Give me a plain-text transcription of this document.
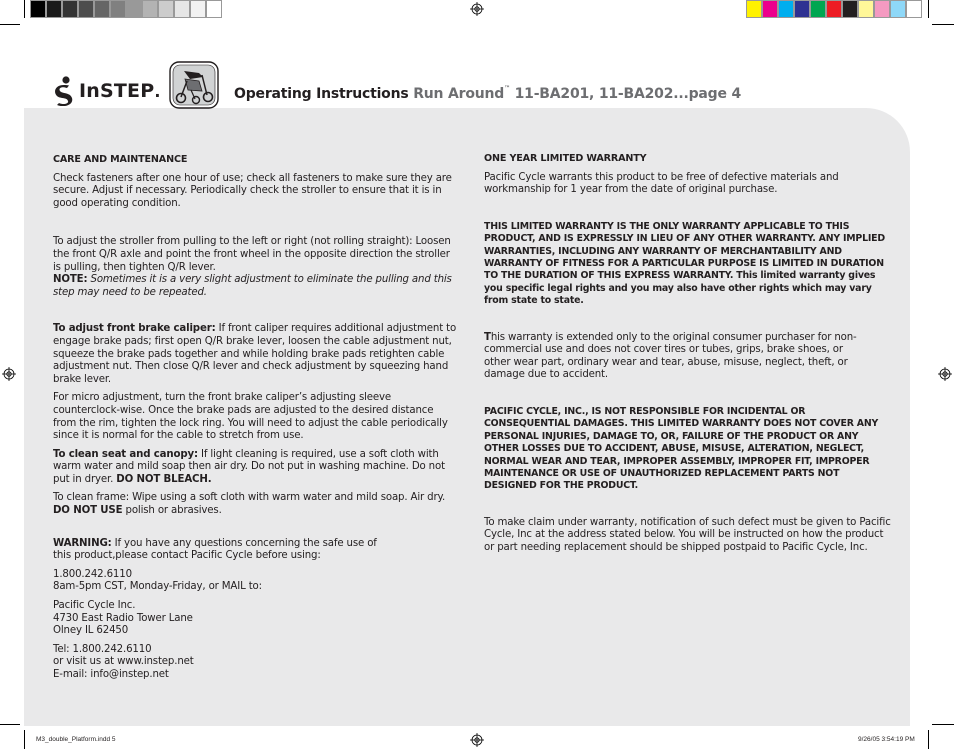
InSTEP .	Operating Instructions Run Around™ 11-BA201, 11-BA202...page 4

CARE AND MAINTENANCE

Check fasteners after one hour of use; check all fasteners to make sure they are secure. Adjust if necessary. Periodically check the stroller to ensure that it is in good operating condition.

To adjust the stroller from pulling to the left or right (not rolling straight): Loosen the front Q/R axle and point the front wheel in the opposite direction the stroller is pulling, then tighten Q/R lever.

NOTE: Sometimes it is a very slight adjustment to eliminate the pulling and this step may need to be repeated.

To adjust front brake caliper: If front caliper requires additional adjustment to engage brake pads; first open Q/R brake lever, loosen the cable adjustment nut, squeeze the brake pads together and while holding brake pads retighten cable adjustment nut. Then close Q/R lever and check adjustment by squeezing hand brake lever.

For micro adjustment, turn the front brake caliper’s adjusting sleeve counterclock-wise. Once the brake pads are adjusted to the desired distance from the rim, tighten the lock ring. You will need to adjust the cable periodically since it is normal for the cable to stretch from use.

To clean seat and canopy: If light cleaning is required, use a soft cloth with warm water and mild soap then air dry. Do not put in washing machine. Do not put in dryer. DO NOT BLEACH.

To clean frame: Wipe using a soft cloth with warm water and mild soap. Air dry. DO NOT USE polish or abrasives.

WARNING: If you have any questions concerning the safe use of this product,please contact Pacific Cycle before using:

1.800.242.6110

8am-5pm CST, Monday-Friday, or MAIL to:

Pacific Cycle Inc.

4730 East Radio Tower Lane

Olney IL 62450

Tel: 1.800.242.6110

or visit us at www.instep.net

E-mail: info@instep.net

ONE YEAR LIMITED WARRANTY

Pacific Cycle warrants this product to be free of defective materials and workmanship for 1 year from the date of original purchase.

THIS LIMITED WARRANTY IS THE ONLY WARRANTY APPLICABLE TO THIS PRODUCT, AND IS EXPRESSLY IN LIEU OF ANY OTHER WARRANTY. ANY IMPLIED WARRANTIES, INCLUDING ANY WARRANTY OF MERCHANTABILITY AND WARRANTY OF FITNESS FOR A PARTICULAR PURPOSE IS LIMITED IN DURATION TO THE DURATION OF THIS EXPRESS WARRANTY. This limited warranty gives you specific legal rights and you may also have other rights which may vary from state to state.

This warranty is extended only to the original consumer purchaser for non-commercial use and does not cover tires or tubes, grips, brake shoes, or other wear part, ordinary wear and tear, abuse, misuse, neglect, theft, or damage due to accident.

PACIFIC CYCLE, INC., IS NOT RESPONSIBLE FOR INCIDENTAL OR CONSEQUENTIAL DAMAGES. THIS LIMITED WARRANTY DOES NOT COVER ANY PERSONAL INJURIES, DAMAGE TO, OR, FAILURE OF THE PRODUCT OR ANY OTHER LOSSES DUE TO ACCIDENT, ABUSE, MISUSE, ALTERATION, NEGLECT, NORMAL WEAR AND TEAR, IMPROPER ASSEMBLY, IMPROPER FIT, IMPROPER MAINTENANCE OR USE OF UNAUTHORIZED REPLACEMENT PARTS NOT DESIGNED FOR THE PRODUCT.

To make claim under warranty, notification of such defect must be given to Pacific Cycle, Inc at the address stated below. You will be instructed on how the product or part needing replacement should be shipped postpaid to Pacific Cycle, Inc.

M3_double_Platform.indd 5	9/26/05 3:54:19 PM
